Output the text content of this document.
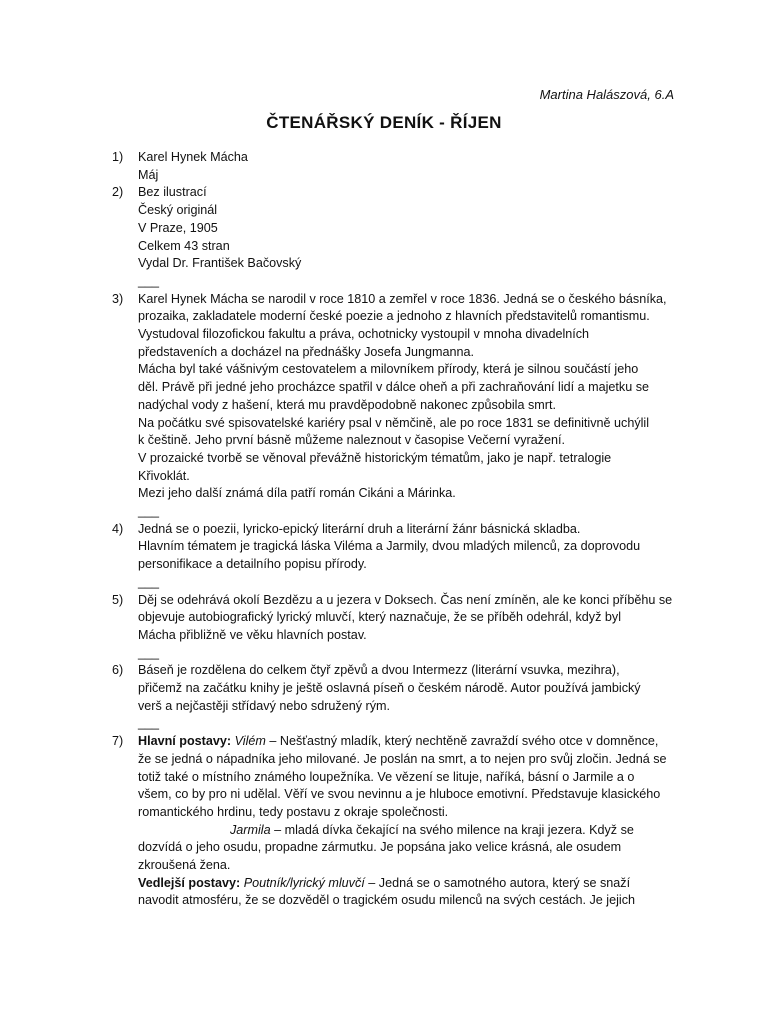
Martina Halászová, 6.A
ČTENÁŘSKÝ DENÍK - ŘÍJEN
1) Karel Hynek Mácha
Máj
2) Bez ilustrací
Český originál
V Praze, 1905
Celkem 43 stran
Vydal Dr. František Bačovský
___
3) Karel Hynek Mácha se narodil v roce 1810 a zemřel v roce 1836. Jedná se o českého básníka,
prozaika, zakladatele moderní české poezie a jednoho z hlavních představitelů romantismu.
Vystudoval filozofickou fakultu a práva, ochotnicky vystoupil v mnoha divadelních
představeních a docházel na přednášky Josefa Jungmanna.
Mácha byl také vášnivým cestovatelem a milovníkem přírody, která je silnou součástí jeho
děl. Právě při jedné jeho procházce spatřil v dálce oheň a při zachraňování lidí a majetku se
nadýchal vody z hašení, která mu pravděpodobně nakonec způsobila smrt.
Na počátku své spisovatelské kariéry psal v němčině, ale po roce 1831 se definitivně uchýlil
k češtině. Jeho první básně můžeme naleznout v časopise Večerní vyražení.
V prozaické tvorbě se věnoval převážně historickým tématům, jako je např. tetralogie
Křivoklát.
Mezi jeho další známá díla patří román Cikáni a Márinka.
___
4) Jedná se o poezii, lyricko-epický literární druh a literární žánr básnická skladba.
Hlavním tématem je tragická láska Viléma a Jarmily, dvou mladých milenců, za doprovodu
personifikace a detailního popisu přírody.
___
5) Děj se odehrává okolí Bezdězu a u jezera v Doksech. Čas není zmíněn, ale ke konci příběhu se
objevuje autobiografický lyrický mluvčí, který naznačuje, že se příběh odehrál, když byl
Mácha přibližně ve věku hlavních postav.
___
6) Báseň je rozdělena do celkem čtyř zpěvů a dvou Intermezz (literární vsuvka, mezihra),
přičemž na začátku knihy je ještě oslavná píseň o českém národě. Autor používá jambický
verš a nejčastěji střídavý nebo sdružený rým.
___
7) Hlavní postavy: Vilém – Nešťastný mladík, který nechtěně zavraždí svého otce v domněnce,
že se jedná o nápadníka jeho milované. Je poslán na smrt, a to nejen pro svůj zločin. Jedná se
totiž také o místního známého loupežníka. Ve vězení se lituje, naříká, básní o Jarmile a o
všem, co by pro ni udělal. Věří ve svou nevinnu a je hluboce emotivní. Představuje klasického
romantického hrdinu, tedy postavu z okraje společnosti.
Jarmila – mladá dívka čekající na svého milence na kraji jezera. Když se
dozvídá o jeho osudu, propadne zármutku. Je popsána jako velice krásná, ale osudem
zkroušená žena.
Vedlejší postavy: Poutník/lyrický mluvčí – Jedná se o samotného autora, který se snaží
navodit atmosféru, že se dozvěděl o tragickém osudu milenců na svých cestách. Je jejich
